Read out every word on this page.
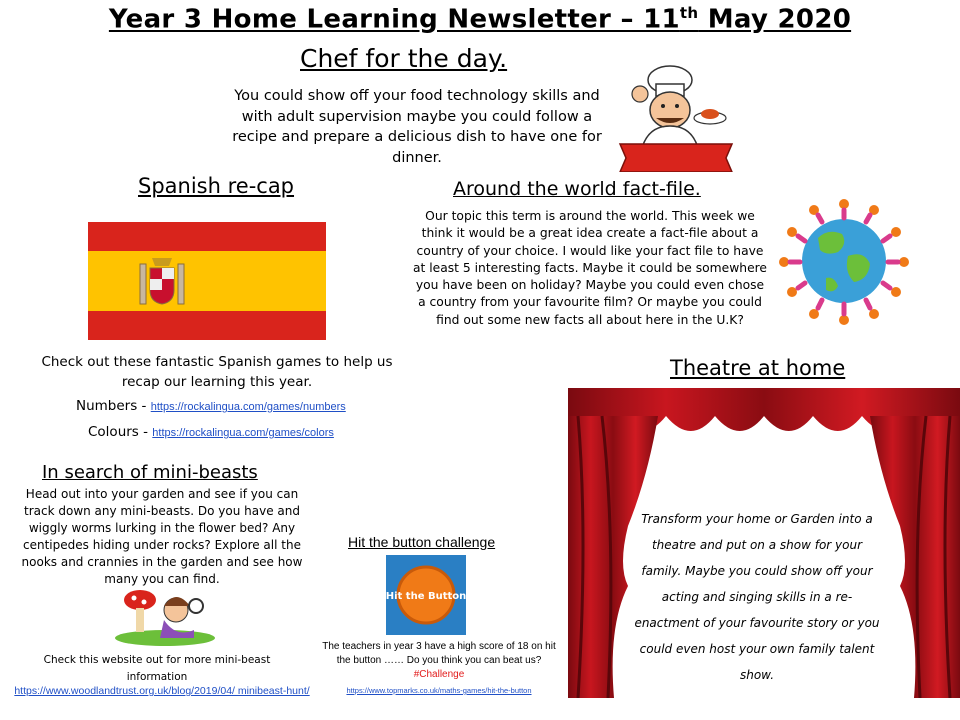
Year 3 Home Learning Newsletter – 11th May 2020
Chef for the day.
You could show off your food technology skills and with adult supervision maybe you could follow a recipe and prepare a delicious dish to have one for dinner.
Spanish re-cap
Check out these fantastic Spanish games to help us recap our learning this year.
Numbers - https://rockalingua.com/games/numbers
Colours - https://rockalingua.com/games/colors
Around the world fact-file.
Our topic this term is around the world. This week we think it would be a great idea create a fact-file about a country of your choice. I would like your fact file to have at least 5 interesting facts. Maybe it could be somewhere you have been on holiday? Maybe you could even chose a country from your favourite film? Or maybe you could find out some new facts all about here in the U.K?
Theatre at home
Transform your home or Garden into a theatre and put on a show for your family. Maybe you could show off your acting and singing skills in a re-enactment of your favourite story or you could even host your own family talent show.
In search of mini-beasts
Head out into your garden and see if you can track down any mini-beasts. Do you have and wiggly worms lurking in the flower bed? Any centipedes hiding under rocks? Explore all the nooks and crannies in the garden and see how many you can find.
Check this website out for more mini-beast information
https://www.woodlandtrust.org.uk/blog/2019/04/ minibeast-hunt/
Hit the button challenge
Hit the Button
The teachers in year 3 have a high score of 18 on hit the button …… Do you think you can beat us? #Challenge
https://www.topmarks.co.uk/maths-games/hit-the-button
